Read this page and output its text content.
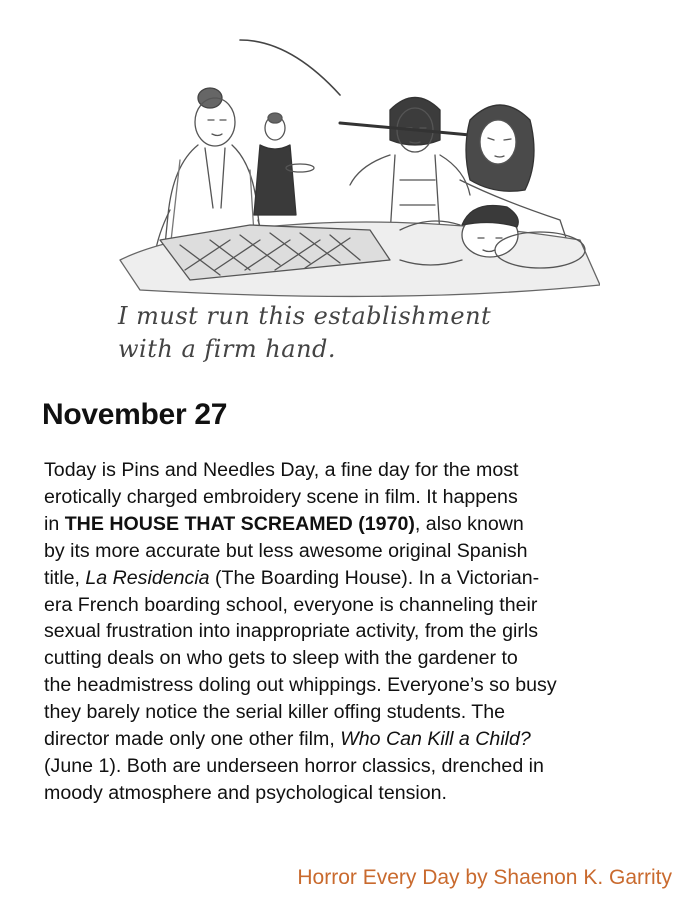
I must run this establishment
with a firm hand.
November 27

Today is Pins and Needles Day, a fine day for the most
erotically charged embroidery scene in film. It happens
in THE HOUSE THAT SCREAMED (1970), also known
by its more accurate but less awesome original Spanish
title, La Residencia (The Boarding House). In a Victorian-
era French boarding school, everyone is channeling their
sexual frustration into inappropriate activity, from the girls
cutting deals on who gets to sleep with the gardener to
the headmistress doling out whippings. Everyone’s so busy
they barely notice the serial killer offing students. The
director made only one other film, Who Can Kill a Child?
(June 1). Both are underseen horror classics, drenched in
moody atmosphere and psychological tension.

Horror Every Day by Shaenon K. Garrity
